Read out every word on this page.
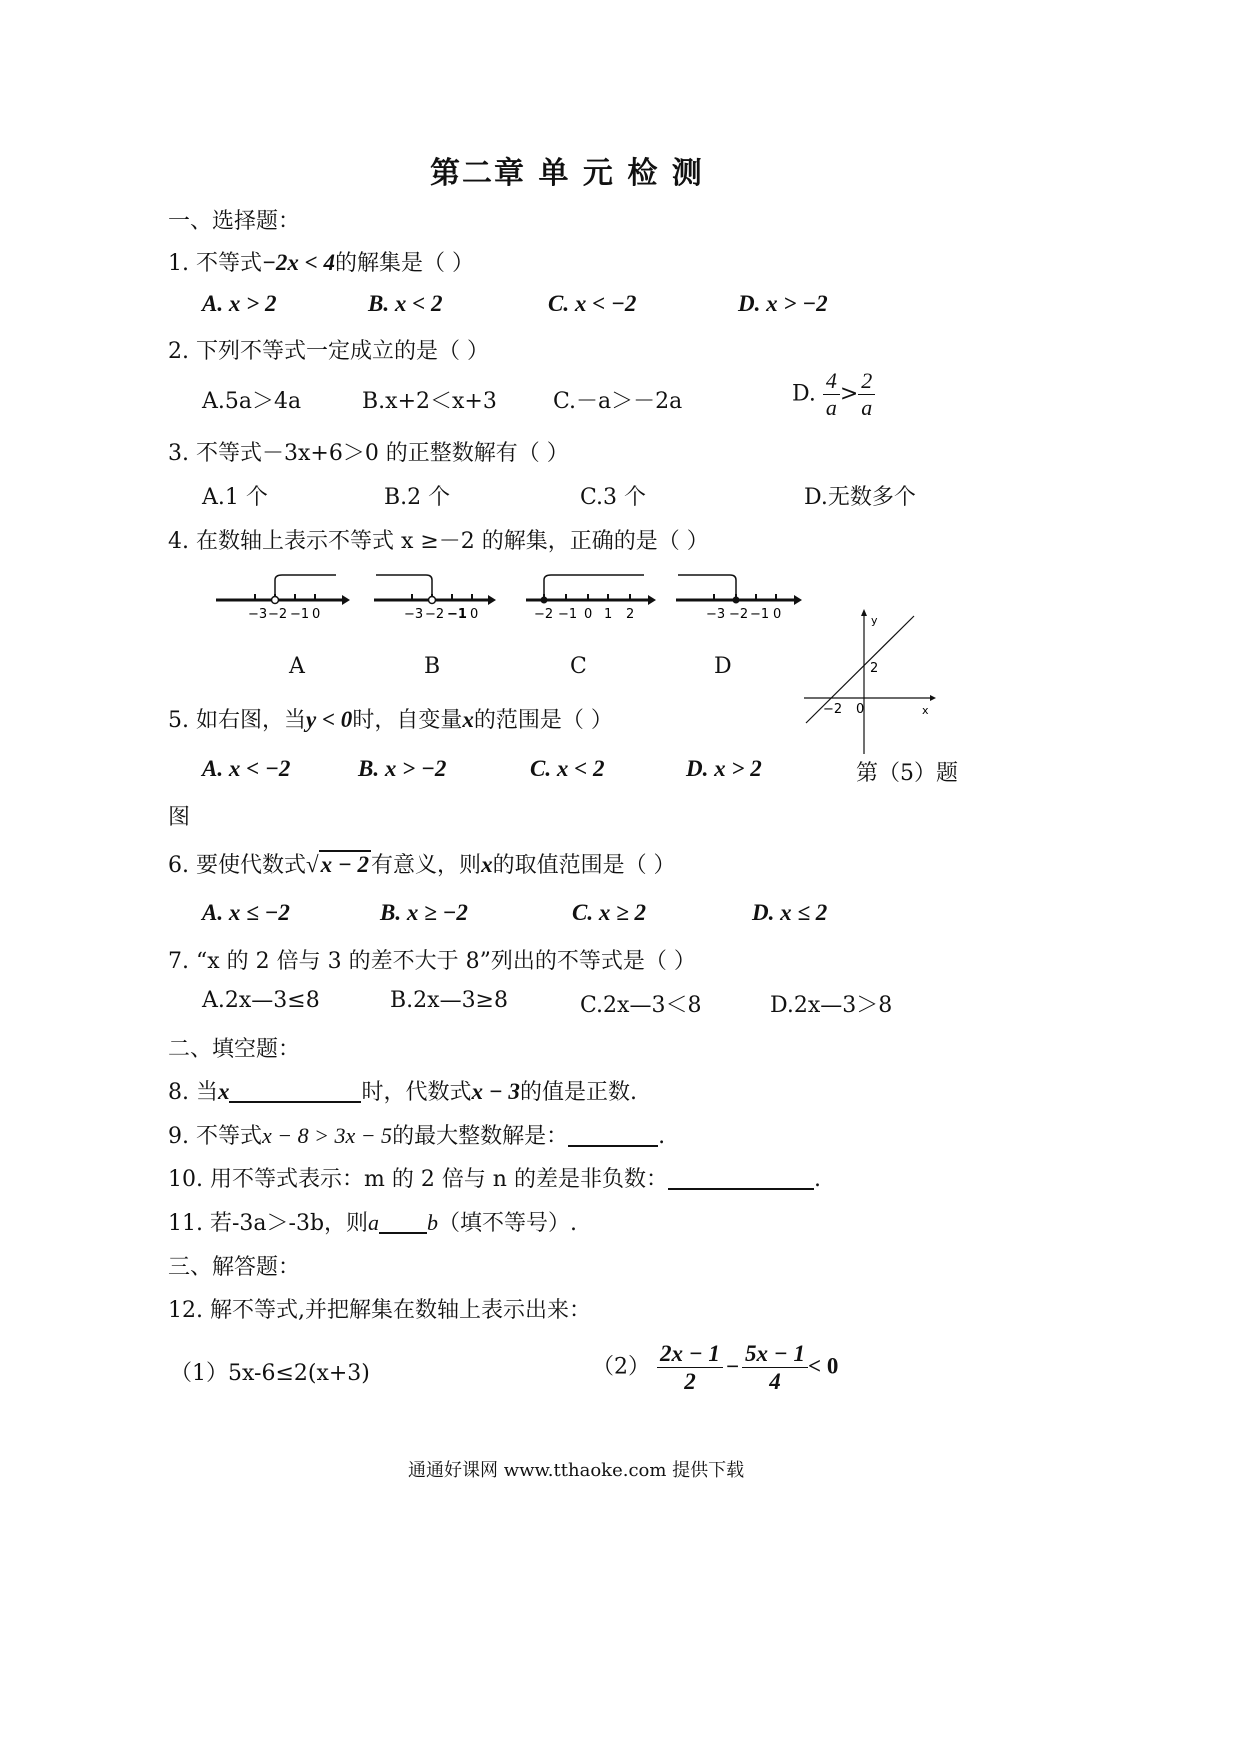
第二章 单 元 检 测
一、选择题：
1. 不等式−2x < 4的解集是（ ）
A. x > 2	B. x < 2	C. x < −2	D. x > −2
2. 下列不等式一定成立的是（ ）
A.5a＞4a	B.x+2＜x+3	C.－a＞－2a	D. $\frac{4}{a} > \frac{2}{a}$
3. 不等式－3x+6＞0 的正整数解有（ ）
A.1 个	B.2 个	C.3 个	D.无数多个
4. 在数轴上表示不等式 x ≥－2 的解集，正确的是（ ）
−3 −2 −1 0	−3 −2 −1 0	−2 −1 0 1 2	−3 −2 −1 0
A	B	C	D
y
x
2
−2 0
5. 如右图，当y < 0时，自变量x的范围是（ ）
A. x < −2	B. x > −2	C. x < 2	D. x > 2	第（5）题
图
6. 要使代数式√x − 2有意义，则x的取值范围是（ ）
A. x ≤ −2	B. x ≥ −2	C. x ≥ 2	D. x ≤ 2
7. “x 的 2 倍与 3 的差不大于 8”列出的不等式是（ ）
A.2x—3≤8	B.2x—3≥8	C.2x—3＜8	D.2x—3＞8
二、填空题：
8. 当x	时，代数式x − 3的值是正数.
9. 不等式x − 8 > 3x − 5的最大整数解是：	.
10. 用不等式表示：m 的 2 倍与 n 的差是非负数：	.
11. 若-3a＞-3b，则a b（填不等号）.
三、解答题：
12. 解不等式,并把解集在数轴上表示出来：
（1）5x-6≤2(x+3)	$(2) \frac{2x - 1}{2} - \frac{5x - 1}{4} < 0$
通通好课网 www.tthaoke.com 提供下载
